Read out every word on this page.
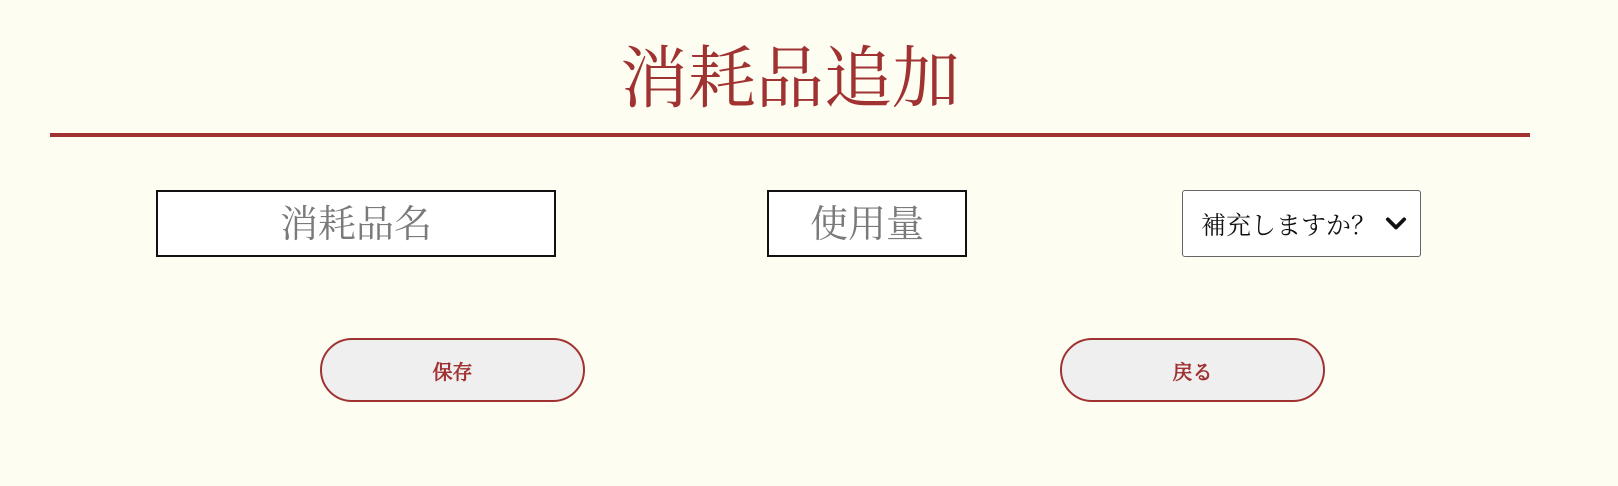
消耗品追加
消耗品名
使用量
補充しますか？
保存	戻る
